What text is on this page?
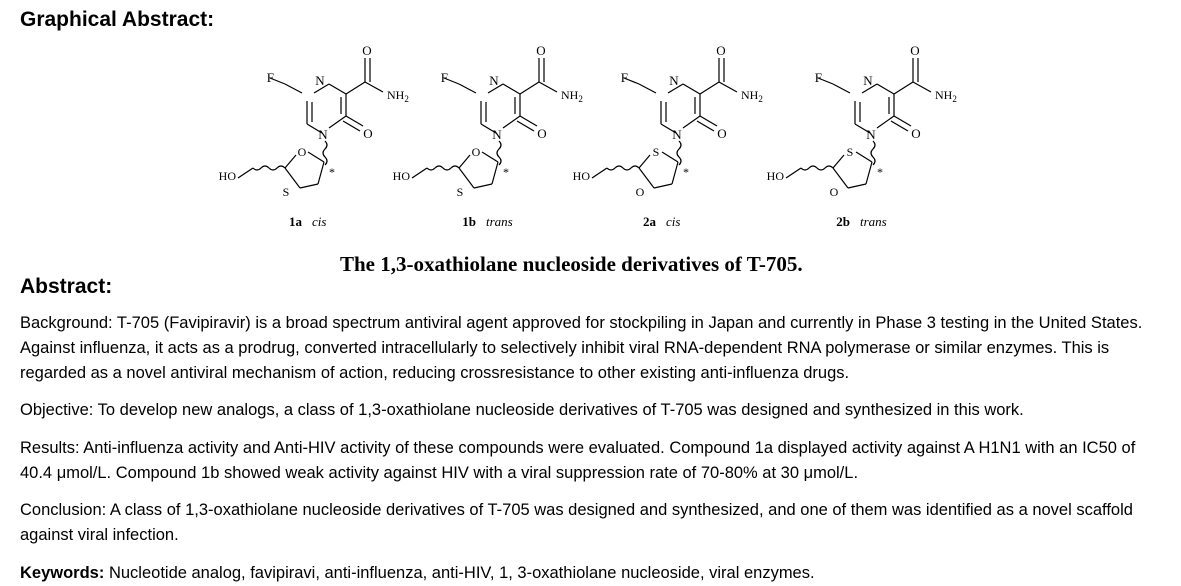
Graphical Abstract:
The 1,3-oxathiolane nucleoside derivatives of T-705.
F	N
N
O
$NH_2$
O
O
S
*
HO
1a cis
F	N
N
O
$NH_2$
O
O
S
*
HO
1b trans
F	N
N
O
$NH_2$
O
S
O
*
HO
2a cis
F	N
N
O
$NH_2$
O
S
O
*
HO
2b trans
Abstract:

Background: T-705 (Favipiravir) is a broad spectrum antiviral agent approved for stockpiling in Japan and currently in Phase 3 testing in the United States. Against influenza, it acts as a prodrug, converted intracellularly to selectively inhibit viral RNA-dependent RNA polymerase or similar enzymes. This is regarded as a novel antiviral mechanism of action, reducing crossresistance to other existing anti-influenza drugs.

Objective: To develop new analogs, a class of 1,3-oxathiolane nucleoside derivatives of T-705 was designed and synthesized in this work.

Results: Anti-influenza activity and Anti-HIV activity of these compounds were evaluated. Compound 1a displayed activity against A H1N1 with an IC50 of 40.4 μmol/L. Compound 1b showed weak activity against HIV with a viral suppression rate of 70-80% at 30 μmol/L.

Conclusion: A class of 1,3-oxathiolane nucleoside derivatives of T-705 was designed and synthesized, and one of them was identified as a novel scaffold against viral infection.

Keywords: Nucleotide analog, favipiravi, anti-influenza, anti-HIV, 1, 3-oxathiolane nucleoside, viral enzymes.
